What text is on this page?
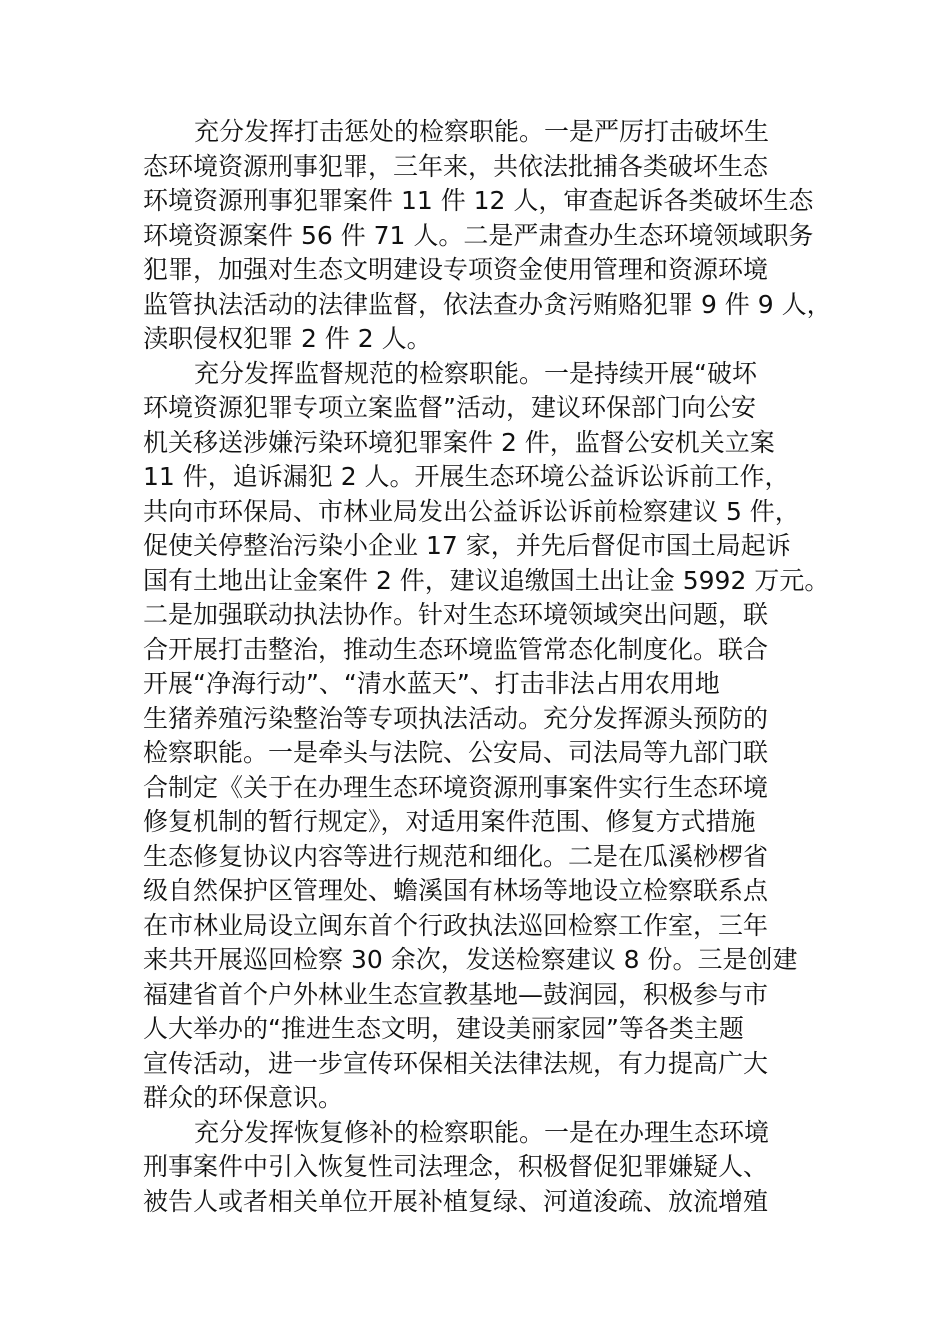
充分发挥打击惩处的检察职能。一是严厉打击破坏生
态环境资源刑事犯罪，三年来，共依法批捕各类破坏生态
环境资源刑事犯罪案件 11 件 12 人，审查起诉各类破坏生态
环境资源案件 56 件 71 人。二是严肃查办生态环境领域职务
犯罪，加强对生态文明建设专项资金使用管理和资源环境
监管执法活动的法律监督，依法查办贪污贿赂犯罪 9 件 9 人，
渎职侵权犯罪 2 件 2 人。
充分发挥监督规范的检察职能。一是持续开展“破坏
环境资源犯罪专项立案监督”活动，建议环保部门向公安
机关移送涉嫌污染环境犯罪案件 2 件，监督公安机关立案
11 件，追诉漏犯 2 人。开展生态环境公益诉讼诉前工作，
共向市环保局、市林业局发出公益诉讼诉前检察建议 5 件，
促使关停整治污染小企业 17 家，并先后督促市国土局起诉
国有土地出让金案件 2 件，建议追缴国土出让金 5992 万元。
二是加强联动执法协作。针对生态环境领域突出问题，联
合开展打击整治，推动生态环境监管常态化制度化。联合
开展“净海行动”、“清水蓝天”、打击非法占用农用地
生猪养殖污染整治等专项执法活动。充分发挥源头预防的
检察职能。一是牵头与法院、公安局、司法局等九部门联
合制定《关于在办理生态环境资源刑事案件实行生态环境
修复机制的暂行规定》，对适用案件范围、修复方式措施
生态修复协议内容等进行规范和细化。二是在瓜溪桫椤省
级自然保护区管理处、蟾溪国有林场等地设立检察联系点
在市林业局设立闽东首个行政执法巡回检察工作室，三年
来共开展巡回检察 30 余次，发送检察建议 8 份。三是创建
福建省首个户外林业生态宣教基地—鼓润园，积极参与市
人大举办的“推进生态文明，建设美丽家园”等各类主题
宣传活动，进一步宣传环保相关法律法规，有力提高广大
群众的环保意识。
充分发挥恢复修补的检察职能。一是在办理生态环境
刑事案件中引入恢复性司法理念，积极督促犯罪嫌疑人、
被告人或者相关单位开展补植复绿、河道浚疏、放流增殖
